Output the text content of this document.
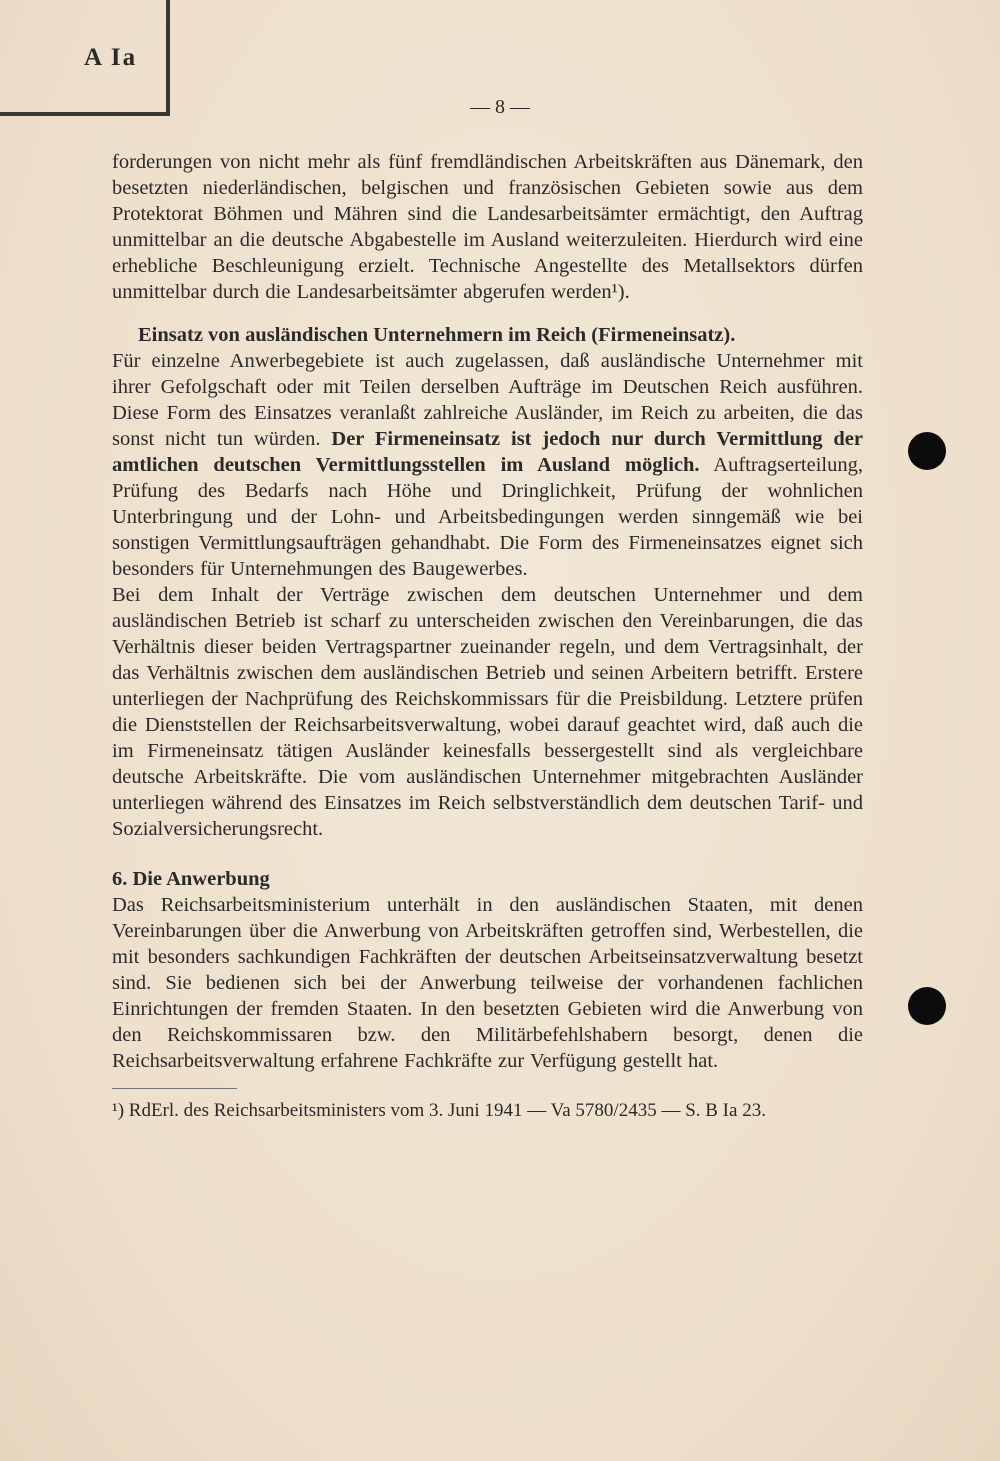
A Ia
— 8 —

forderungen von nicht mehr als fünf fremdländischen Arbeitskräften aus Dänemark, den besetzten niederländischen, belgischen und französischen Gebieten sowie aus dem Protektorat Böhmen und Mähren sind die Landesarbeitsämter ermächtigt, den Auftrag unmittelbar an die deutsche Abgabestelle im Ausland weiterzuleiten. Hierdurch wird eine erhebliche Beschleunigung erzielt. Technische Angestellte des Metallsektors dürfen unmittelbar durch die Landesarbeitsämter abgerufen werden¹).

Einsatz von ausländischen Unternehmern im Reich (Firmeneinsatz).

Für einzelne Anwerbegebiete ist auch zugelassen, daß ausländische Unternehmer mit ihrer Gefolgschaft oder mit Teilen derselben Aufträge im Deutschen Reich ausführen. Diese Form des Einsatzes veranlaßt zahlreiche Ausländer, im Reich zu arbeiten, die das sonst nicht tun würden. Der Firmeneinsatz ist jedoch nur durch Vermittlung der amtlichen deutschen Vermittlungsstellen im Ausland möglich. Auftragserteilung, Prüfung des Bedarfs nach Höhe und Dringlichkeit, Prüfung der wohnlichen Unterbringung und der Lohn- und Arbeitsbedingungen werden sinngemäß wie bei sonstigen Vermittlungsaufträgen gehandhabt. Die Form des Firmeneinsatzes eignet sich besonders für Unternehmungen des Baugewerbes.

Bei dem Inhalt der Verträge zwischen dem deutschen Unternehmer und dem ausländischen Betrieb ist scharf zu unterscheiden zwischen den Vereinbarungen, die das Verhältnis dieser beiden Vertragspartner zueinander regeln, und dem Vertragsinhalt, der das Verhältnis zwischen dem ausländischen Betrieb und seinen Arbeitern betrifft. Erstere unterliegen der Nachprüfung des Reichskommissars für die Preisbildung. Letztere prüfen die Dienststellen der Reichsarbeitsverwaltung, wobei darauf geachtet wird, daß auch die im Firmeneinsatz tätigen Ausländer keinesfalls bessergestellt sind als vergleichbare deutsche Arbeitskräfte. Die vom ausländischen Unternehmer mitgebrachten Ausländer unterliegen während des Einsatzes im Reich selbstverständlich dem deutschen Tarif- und Sozialversicherungsrecht.

6. Die Anwerbung

Das Reichsarbeitsministerium unterhält in den ausländischen Staaten, mit denen Vereinbarungen über die Anwerbung von Arbeitskräften getroffen sind, Werbestellen, die mit besonders sachkundigen Fachkräften der deutschen Arbeitseinsatzverwaltung besetzt sind. Sie bedienen sich bei der Anwerbung teilweise der vorhandenen fachlichen Einrichtungen der fremden Staaten. In den besetzten Gebieten wird die Anwerbung von den Reichskommissaren bzw. den Militärbefehlshabern besorgt, denen die Reichsarbeitsverwaltung erfahrene Fachkräfte zur Verfügung gestellt hat.

¹) RdErl. des Reichsarbeitsministers vom 3. Juni 1941 — Va 5780/2435 — S. B Ia 23.
